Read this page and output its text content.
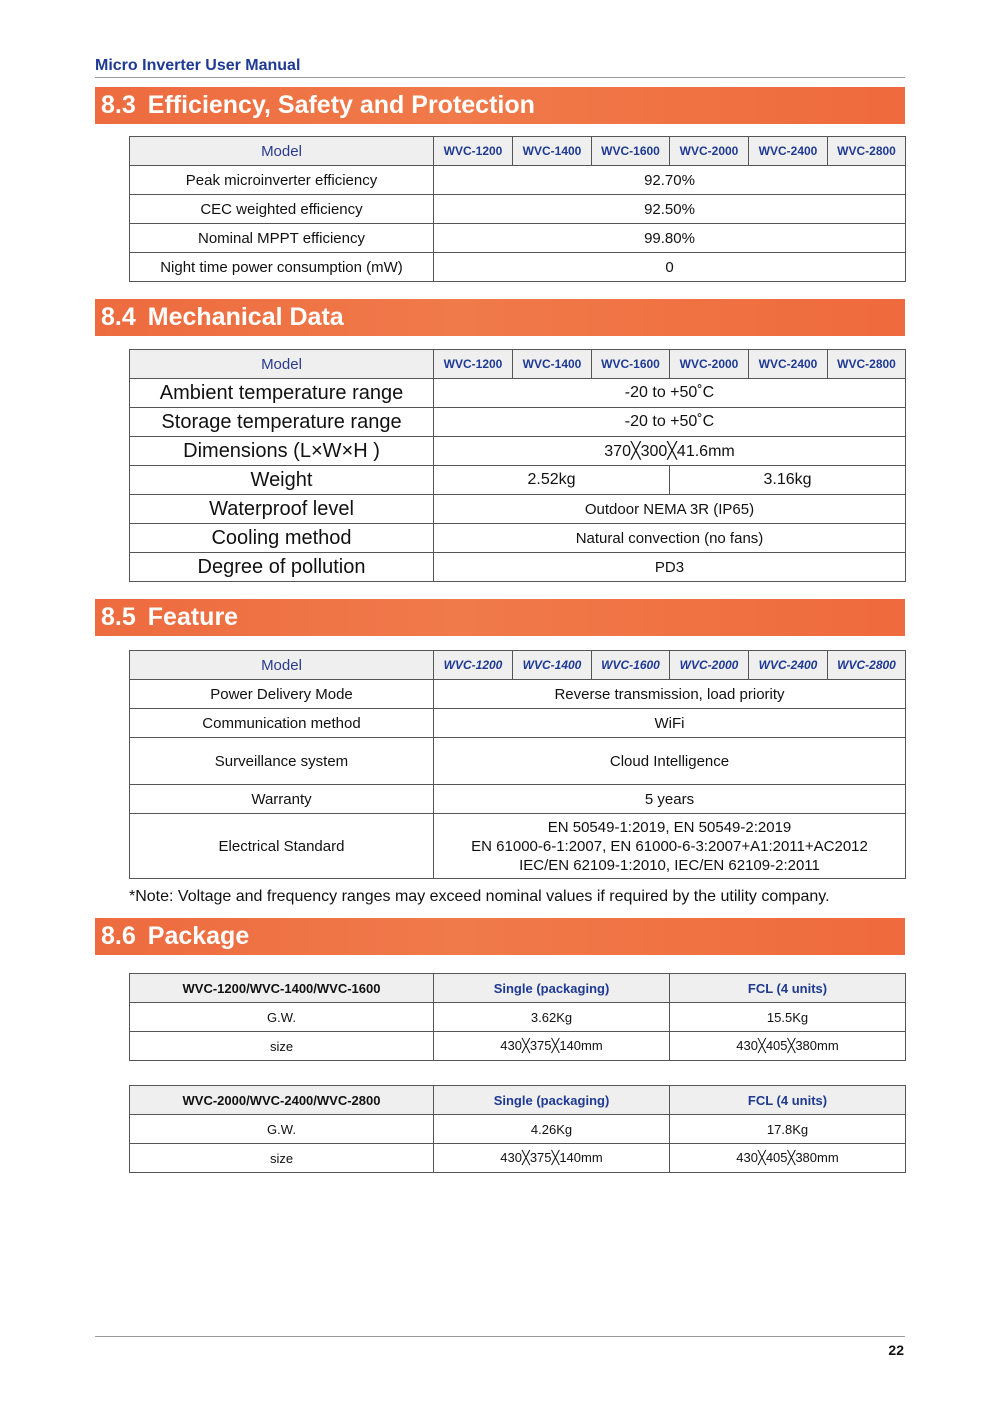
Micro Inverter User Manual
8.3 Efficiency, Safety and Protection
Model	WVC-1200	WVC-1400	WVC-1600	WVC-2000	WVC-2400	WVC-2800
Peak microinverter efficiency	92.70%					
CEC weighted efficiency	92.50%					
Nominal MPPT efficiency	99.80%					
Night time power consumption (mW)	0					
8.4 Mechanical Data
Model	WVC-1200	WVC-1400	WVC-1600	WVC-2000	WVC-2400	WVC-2800
Ambient temperature range	-20 to +50˚C					
Storage temperature range	-20 to +50˚C					
Dimensions (L×W×H )	370╳300╳41.6mm					
Weight	2.52kg			3.16kg		
Waterproof level	Outdoor NEMA 3R (IP65)					
Cooling method	Natural convection (no fans)					
Degree of pollution	PD3					
8.5 Feature
Model	WVC-1200	WVC-1400	WVC-1600	WVC-2000	WVC-2400	WVC-2800
Power Delivery Mode	Reverse transmission, load priority					
Communication method	WiFi					
Surveillance system	Cloud Intelligence					
Warranty	5 years					
Electrical Standard	EN 50549-1:2019, EN 50549-2:2019
EN 61000-6-1:2007, EN 61000-6-3:2007+A1:2011+AC2012
IEC/EN 62109-1:2010, IEC/EN 62109-2:2011					
*Note: Voltage and frequency ranges may exceed nominal values if required by the utility company.
8.6 Package
WVC-1200/WVC-1400/WVC-1600	Single (packaging)	FCL (4 units)
G.W.	3.62Kg	15.5Kg
size	430╳375╳140mm	430╳405╳380mm
WVC-2000/WVC-2400/WVC-2800	Single (packaging)	FCL (4 units)
G.W.	4.26Kg	17.8Kg
size	430╳375╳140mm	430╳405╳380mm
22
